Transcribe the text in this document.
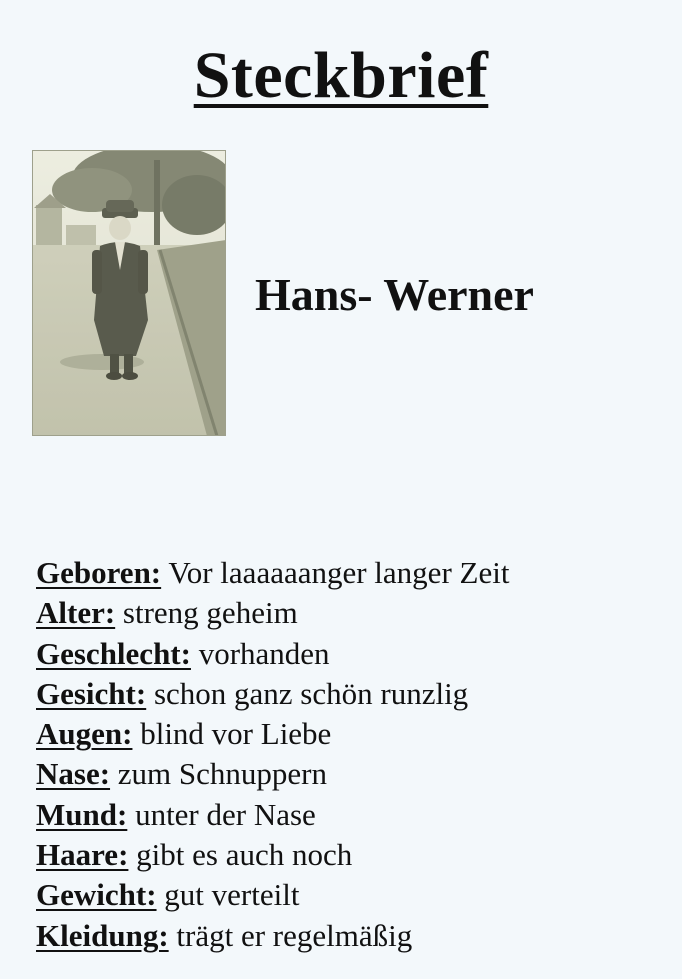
Steckbrief
Hans- Werner
Geboren: Vor laaaaaanger langer Zeit
Alter: streng geheim
Geschlecht: vorhanden
Gesicht: schon ganz schön runzlig
Augen: blind vor Liebe
Nase: zum Schnuppern
Mund: unter der Nase
Haare: gibt es auch noch
Gewicht: gut verteilt
Kleidung: trägt er regelmäßig
